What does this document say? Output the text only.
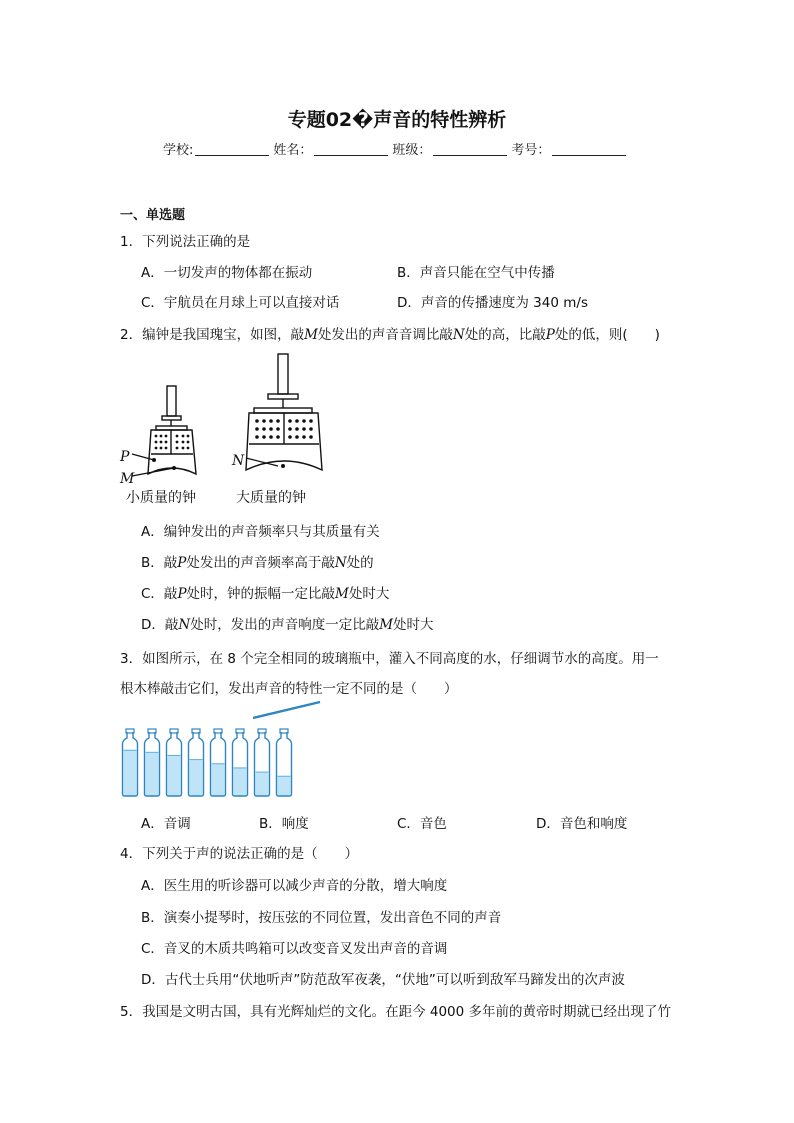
专题02�声音的特性辨析
学校:	姓名：	班级：	考号：
一、单选题
1．下列说法正确的是
A．一切发声的物体都在振动	B．声音只能在空气中传播
C．宇航员在月球上可以直接对话	D．声音的传播速度为 340 m/s
2．编钟是我国瑰宝，如图，敲M处发出的声音音调比敲N处的高，比敲P处的低，则(　　)
P
M
N
小质量的钟	大质量的钟
A．编钟发出的声音频率只与其质量有关
B．敲P处发出的声音频率高于敲N处的
C．敲P处时，钟的振幅一定比敲M处时大
D．敲N处时，发出的声音响度一定比敲M处时大
3．如图所示，在 8 个完全相同的玻璃瓶中，灌入不同高度的水，仔细调节水的高度。用一
根木棒敲击它们，发出声音的特性一定不同的是（　　）
A．音调	B．响度	C．音色	D．音色和响度
4．下列关于声的说法正确的是（　　）
A．医生用的听诊器可以减少声音的分散，增大响度
B．演奏小提琴时，按压弦的不同位置，发出音色不同的声音
C．音叉的木质共鸣箱可以改变音叉发出声音的音调
D．古代士兵用“伏地听声”防范敌军夜袭，“伏地”可以听到敌军马蹄发出的次声波
5．我国是文明古国，具有光辉灿烂的文化。在距今 4000 多年前的黄帝时期就已经出现了竹
